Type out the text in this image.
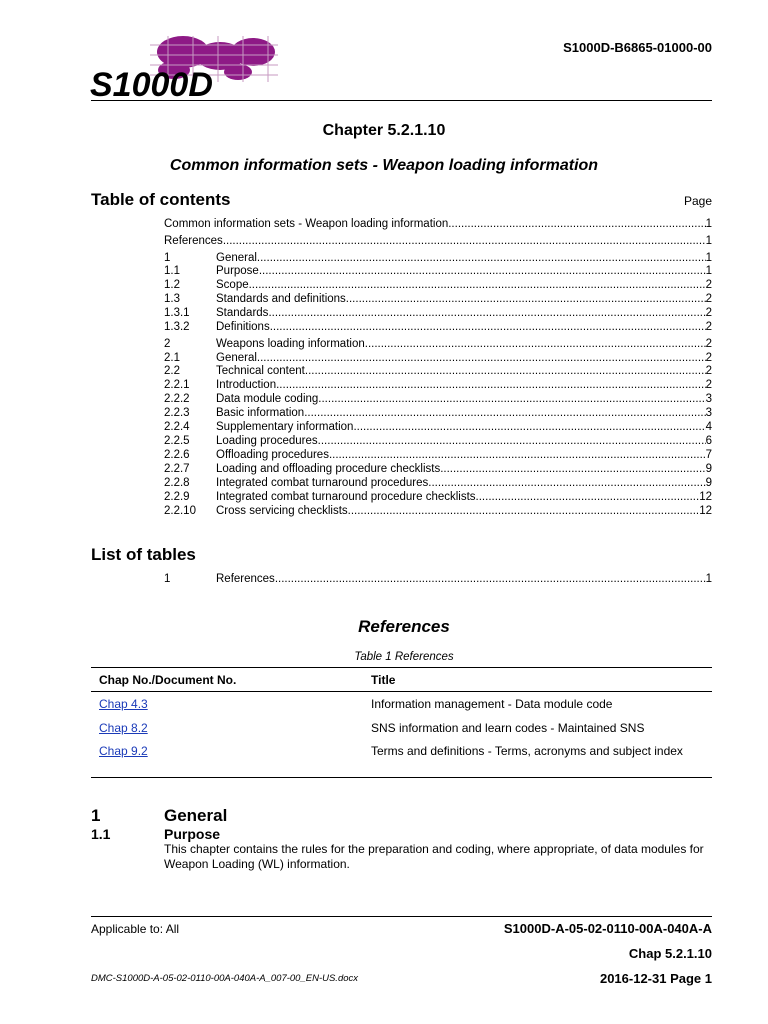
S1000D
S1000D-B6865-01000-00
Chapter 5.2.1.10
Common information sets - Weapon loading information
Table of contents	Page
Common information sets - Weapon loading information .....	1
References .....	1
1	General .....	1
1.1	Purpose .....	1
1.2	Scope .....	2
1.3	Standards and definitions .....	2
1.3.1	Standards .....	2
1.3.2	Definitions .....	2
2	Weapons loading information .....	2
2.1	General .....	2
2.2	Technical content .....	2
2.2.1	Introduction .....	2
2.2.2	Data module coding .....	3
2.2.3	Basic information .....	3
2.2.4	Supplementary information .....	4
2.2.5	Loading procedures .....	6
2.2.6	Offloading procedures .....	7
2.2.7	Loading and offloading procedure checklists .....	9
2.2.8	Integrated combat turnaround procedures .....	9
2.2.9	Integrated combat turnaround procedure checklists .....	12
2.2.10	Cross servicing checklists .....	12
List of tables
1	References .....	1
References
Table 1 References
Chap No./Document No.	Title
Chap 4.3	Information management - Data module code
Chap 8.2	SNS information and learn codes - Maintained SNS
Chap 9.2	Terms and definitions - Terms, acronyms and subject index
1	General
1.1	Purpose
This chapter contains the rules for the preparation and coding, where appropriate, of data modules for Weapon Loading (WL) information.
Applicable to: All	S1000D-A-05-02-0110-00A-040A-A
Chap 5.2.1.10
DMC-S1000D-A-05-02-0110-00A-040A-A_007-00_EN-US.docx	2016-12-31 Page 1
